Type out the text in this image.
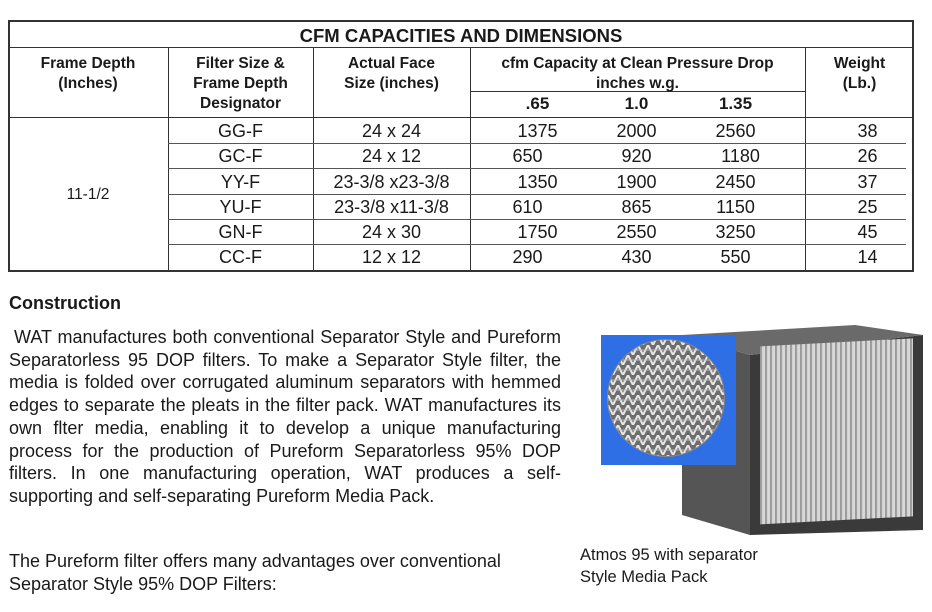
CFM CAPACITIES AND DIMENSIONS
Frame Depth
(Inches)
Filter Size &
Frame Depth
Designator
Actual Face
Size (inches)
cfm Capacity at Clean Pressure Drop
inches w.g.
Weight
(Lb.)
.65	1.0	1.35
11-1/2
GG-F	24 x 24	1375	2000	2560	38
GC-F	24 x 12	650	920	1180	26
YY-F	23-3/8 x23-3/8	1350	1900	2450	37
YU-F	23-3/8 x11-3/8	610	865	1150	25
GN-F	24 x 30	1750	2550	3250	45
CC-F	12 x 12	290	430	550	14
Construction
WAT manufactures both conventional Separator Style and Pureform Separatorless 95 DOP filters. To make a Separator Style filter, the media is folded over corrugated aluminum separators with hemmed edges to separate the pleats in the filter pack. WAT manufactures its own flter media, enabling it to develop a unique manufacturing process for the production of Pureform Separatorless 95% DOP filters. In one manufacturing operation, WAT produces a self-supporting and self-separating Pureform Media Pack.
The Pureform filter offers many advantages over conventional Separator Style 95% DOP Filters:
Atmos 95 with separator Style Media Pack
